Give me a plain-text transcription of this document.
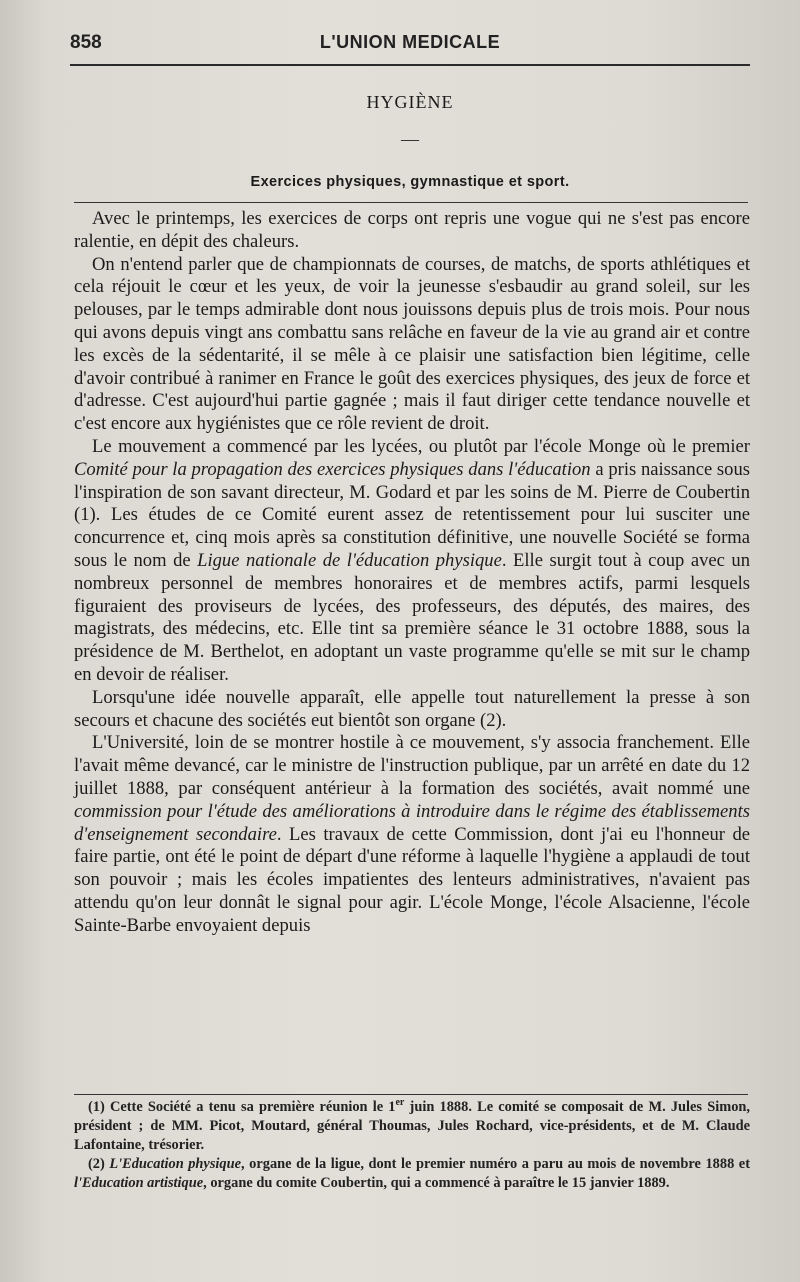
858	L'UNION MEDICALE
HYGIÈNE
—
Exercices physiques, gymnastique et sport.

Avec le printemps, les exercices de corps ont repris une vogue qui ne s'est pas encore ralentie, en dépit des chaleurs.

On n'entend parler que de championnats de courses, de matchs, de sports athlétiques et cela réjouit le cœur et les yeux, de voir la jeunesse s'esbaudir au grand soleil, sur les pelouses, par le temps admirable dont nous jouissons depuis plus de trois mois. Pour nous qui avons depuis vingt ans combattu sans relâche en faveur de la vie au grand air et contre les excès de la sédentarité, il se mêle à ce plaisir une satisfaction bien légitime, celle d'avoir contribué à ranimer en France le goût des exercices physiques, des jeux de force et d'adresse. C'est aujourd'hui partie gagnée ; mais il faut diriger cette tendance nouvelle et c'est encore aux hygiénistes que ce rôle revient de droit.

Le mouvement a commencé par les lycées, ou plutôt par l'école Monge où le premier Comité pour la propagation des exercices physiques dans l'éducation a pris naissance sous l'inspiration de son savant directeur, M. Godard et par les soins de M. Pierre de Coubertin (1). Les études de ce Comité eurent assez de retentissement pour lui susciter une concurrence et, cinq mois après sa constitution définitive, une nouvelle Société se forma sous le nom de Ligue nationale de l'éducation physique. Elle surgit tout à coup avec un nombreux personnel de membres honoraires et de membres actifs, parmi lesquels figuraient des proviseurs de lycées, des professeurs, des députés, des maires, des magistrats, des médecins, etc. Elle tint sa première séance le 31 octobre 1888, sous la présidence de M. Berthelot, en adoptant un vaste programme qu'elle se mit sur le champ en devoir de réaliser.

Lorsqu'une idée nouvelle apparaît, elle appelle tout naturellement la presse à son secours et chacune des sociétés eut bientôt son organe (2).

L'Université, loin de se montrer hostile à ce mouvement, s'y associa franchement. Elle l'avait même devancé, car le ministre de l'instruction publique, par un arrêté en date du 12 juillet 1888, par conséquent antérieur à la formation des sociétés, avait nommé une commission pour l'étude des améliorations à introduire dans le régime des établissements d'enseignement secondaire. Les travaux de cette Commission, dont j'ai eu l'honneur de faire partie, ont été le point de départ d'une réforme à laquelle l'hygiène a applaudi de tout son pouvoir ; mais les écoles impatientes des lenteurs administratives, n'avaient pas attendu qu'on leur donnât le signal pour agir. L'école Monge, l'école Alsacienne, l'école Sainte-Barbe envoyaient depuis

(1) Cette Société a tenu sa première réunion le 1er juin 1888. Le comité se composait de M. Jules Simon, président ; de MM. Picot, Moutard, général Thoumas, Jules Rochard, vice-présidents, et de M. Claude Lafontaine, trésorier.

(2) L'Education physique, organe de la ligue, dont le premier numéro a paru au mois de novembre 1888 et l'Education artistique, organe du comite Coubertin, qui a commencé à paraître le 15 janvier 1889.
